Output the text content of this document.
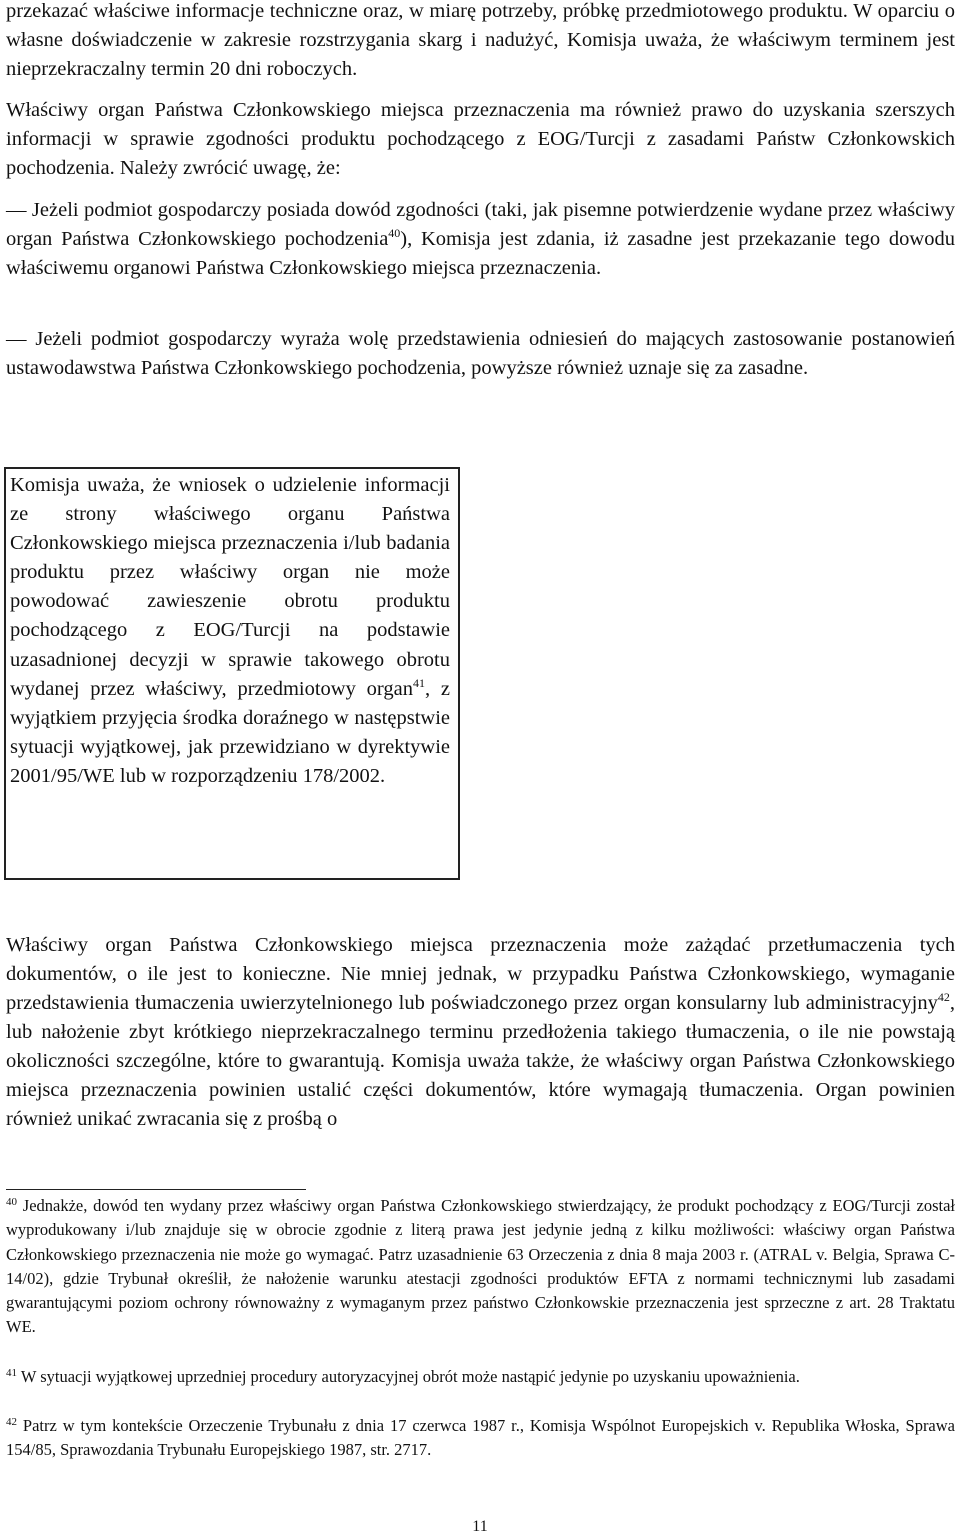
przekazać właściwe informacje techniczne oraz, w miarę potrzeby, próbkę przedmiotowego produktu. W oparciu o własne doświadczenie w zakresie rozstrzygania skarg i nadużyć, Komisja uważa, że właściwym terminem jest nieprzekraczalny termin 20 dni roboczych.

Właściwy organ Państwa Członkowskiego miejsca przeznaczenia ma również prawo do uzyskania szerszych informacji w sprawie zgodności produktu pochodzącego z EOG/Turcji z zasadami Państw Członkowskich pochodzenia. Należy zwrócić uwagę, że:

— Jeżeli podmiot gospodarczy posiada dowód zgodności (taki, jak pisemne potwierdzenie wydane przez właściwy organ Państwa Członkowskiego pochodzenia$^{40}$), Komisja jest zdania, iż zasadne jest przekazanie tego dowodu właściwemu organowi Państwa Członkowskiego miejsca przeznaczenia.

— Jeżeli podmiot gospodarczy wyraża wolę przedstawienia odniesień do mających zastosowanie postanowień ustawodawstwa Państwa Członkowskiego pochodzenia, powyższe również uznaje się za zasadne.

Komisja uważa, że wniosek o udzielenie informacji ze strony właściwego organu Państwa Członkowskiego miejsca przeznaczenia i/lub badania produktu przez właściwy organ nie może powodować zawieszenie obrotu produktu pochodzącego z EOG/Turcji na podstawie uzasadnionej decyzji w sprawie takowego obrotu wydanej przez właściwy, przedmiotowy organ$^{41}$, z wyjątkiem przyjęcia środka doraźnego w następstwie sytuacji wyjątkowej, jak przewidziano w dyrektywie 2001/95/WE lub w rozporządzeniu 178/2002.

Właściwy organ Państwa Członkowskiego miejsca przeznaczenia może zażądać przetłumaczenia tych dokumentów, o ile jest to konieczne. Nie mniej jednak, w przypadku Państwa Członkowskiego, wymaganie przedstawienia tłumaczenia uwierzytelnionego lub poświadczonego przez organ konsularny lub administracyjny$^{42}$, lub nałożenie zbyt krótkiego nieprzekraczalnego terminu przedłożenia takiego tłumaczenia, o ile nie powstają okoliczności szczególne, które to gwarantują. Komisja uważa także, że właściwy organ Państwa Członkowskiego miejsca przeznaczenia powinien ustalić części dokumentów, które wymagają tłumaczenia. Organ powinien również unikać zwracania się z prośbą o

$^{40}$ Jednakże, dowód ten wydany przez właściwy organ Państwa Członkowskiego stwierdzający, że produkt pochodzący z EOG/Turcji został wyprodukowany i/lub znajduje się w obrocie zgodnie z literą prawa jest jedynie jedną z kilku możliwości: właściwy organ Państwa Członkowskiego przeznaczenia nie może go wymagać. Patrz uzasadnienie 63 Orzeczenia z dnia 8 maja 2003 r. (ATRAL v. Belgia, Sprawa C-14/02), gdzie Trybunał określił, że nałożenie warunku atestacji zgodności produktów EFTA z normami technicznymi lub zasadami gwarantującymi poziom ochrony równoważny z wymaganym przez państwo Członkowskie przeznaczenia jest sprzeczne z art. 28 Traktatu WE.

$^{41}$ W sytuacji wyjątkowej uprzedniej procedury autoryzacyjnej obrót może nastąpić jedynie po uzyskaniu upoważnienia.

$^{42}$ Patrz w tym kontekście Orzeczenie Trybunału z dnia 17 czerwca 1987 r., Komisja Wspólnot Europejskich v. Republika Włoska, Sprawa 154/85, Sprawozdania Trybunału Europejskiego 1987, str. 2717.

11
